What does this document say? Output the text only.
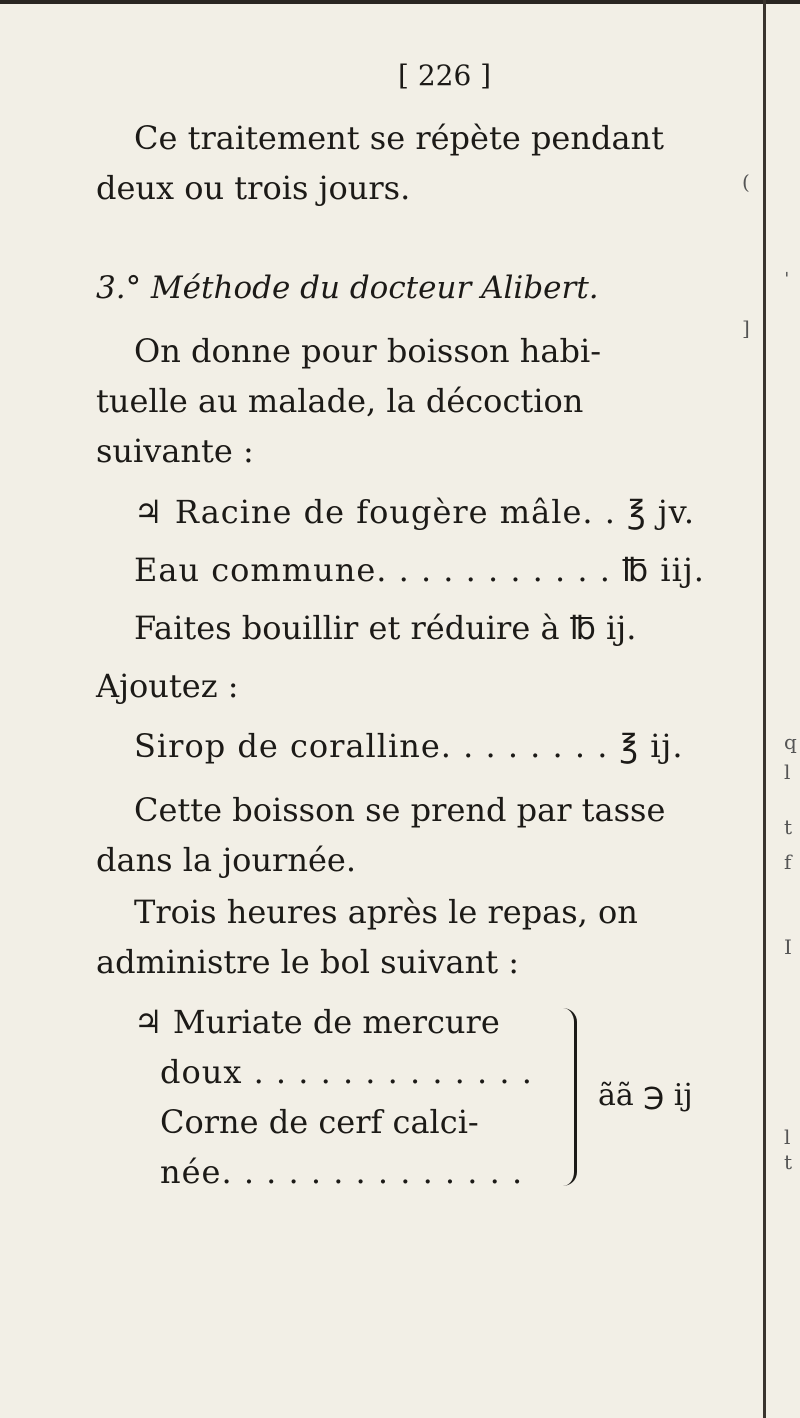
[ 226 ]
Ce traitement se répète pendant
deux ou trois jours.
3.° Méthode du docteur Alibert.
On donne pour boisson habi-
tuelle au malade, la décoction
suivante :
♃ Racine de fougère mâle. . ℥ jv.
Eau commune. . . . . . . . . . . ℔ iij.
Faites bouillir et réduire à ℔ ij.
Ajoutez :
Sirop de coralline. . . . . . . . ℥ ij.
Cette boisson se prend par tasse
dans la journée.
Trois heures après le repas, on
administre le bol suivant :
♃ Muriate de mercure
doux . . . . . . . . . . . . .
Corne de cerf calci-
née. . . . . . . . . . . . . .
ãã ℈ ij
(
]
ˈ
q
l
t
f
I
l
t
